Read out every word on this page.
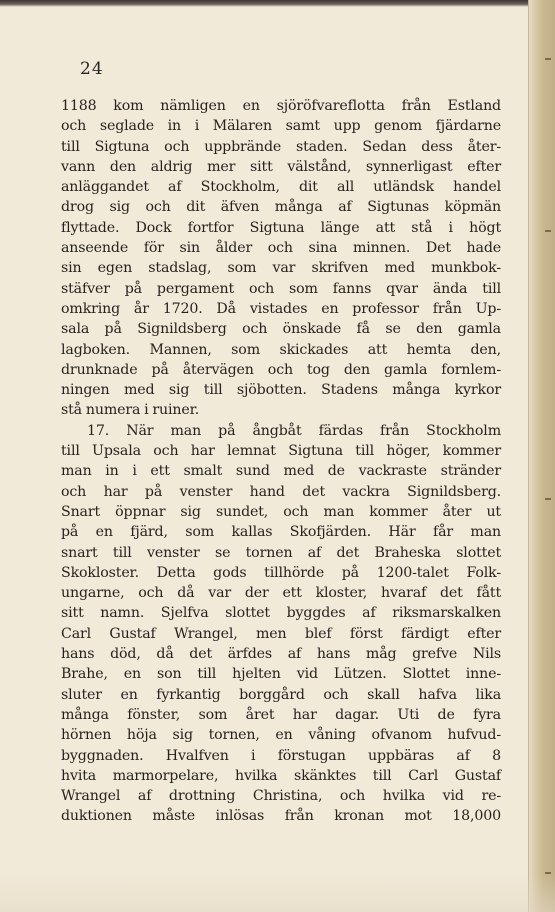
24
1188 kom nämligen en sjöröfvareflotta från Estland
och seglade in i Mälaren samt upp genom fjärdarne
till Sigtuna och uppbrände staden. Sedan dess åter-
vann den aldrig mer sitt välstånd, synnerligast efter
anläggandet af Stockholm, dit all utländsk handel
drog sig och dit äfven många af Sigtunas köpmän
flyttade. Dock fortfor Sigtuna länge att stå i högt
anseende för sin ålder och sina minnen. Det hade
sin egen stadslag, som var skrifven med munkbok-
stäfver på pergament och som fanns qvar ända till
omkring år 1720. Då vistades en professor från Up-
sala på Signildsberg och önskade få se den gamla
lagboken. Mannen, som skickades att hemta den,
drunknade på återvägen och tog den gamla fornlem-
ningen med sig till sjöbotten. Stadens många kyrkor
stå numera i ruiner.
17. När man på ångbåt färdas från Stockholm
till Upsala och har lemnat Sigtuna till höger, kommer
man in i ett smalt sund med de vackraste stränder
och har på venster hand det vackra Signildsberg.
Snart öppnar sig sundet, och man kommer åter ut
på en fjärd, som kallas Skofjärden. Här får man
snart till venster se tornen af det Braheska slottet
Skokloster. Detta gods tillhörde på 1200-talet Folk-
ungarne, och då var der ett kloster, hvaraf det fått
sitt namn. Sjelfva slottet byggdes af riksmarskalken
Carl Gustaf Wrangel, men blef först färdigt efter
hans död, då det ärfdes af hans måg grefve Nils
Brahe, en son till hjelten vid Lützen. Slottet inne-
sluter en fyrkantig borggård och skall hafva lika
många fönster, som året har dagar. Uti de fyra
hörnen höja sig tornen, en våning ofvanom hufvud-
byggnaden. Hvalfven i förstugan uppbäras af 8
hvita marmorpelare, hvilka skänktes till Carl Gustaf
Wrangel af drottning Christina, och hvilka vid re-
duktionen måste inlösas från kronan mot 18,000
